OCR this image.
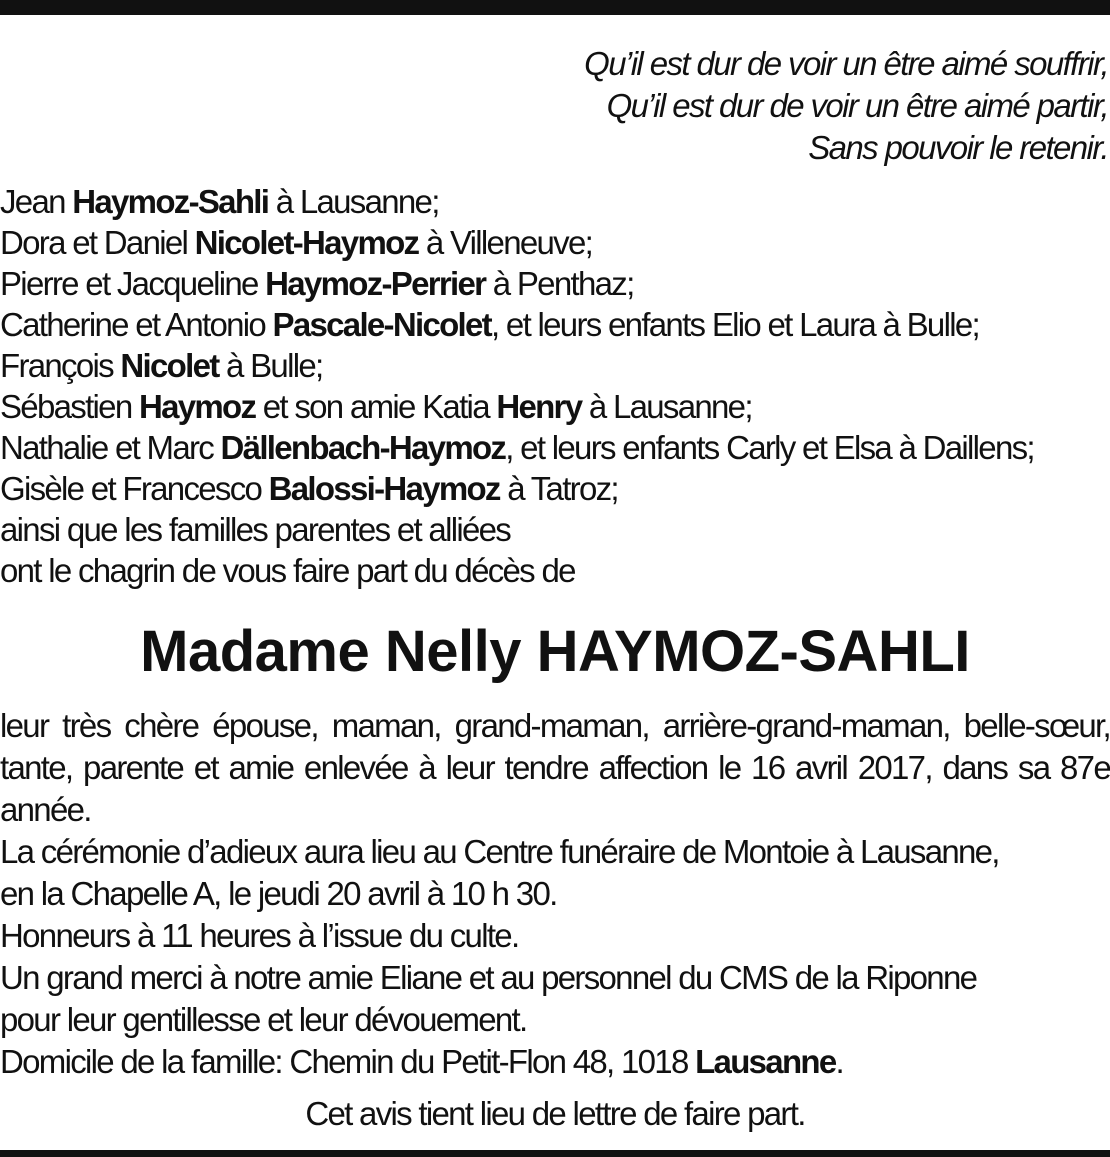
Qu’il est dur de voir un être aimé souffrir,
Qu’il est dur de voir un être aimé partir,
Sans pouvoir le retenir.
Jean Haymoz-Sahli à Lausanne;
Dora et Daniel Nicolet-Haymoz à Villeneuve;
Pierre et Jacqueline Haymoz-Perrier à Penthaz;
Catherine et Antonio Pascale-Nicolet, et leurs enfants Elio et Laura à Bulle;
François Nicolet à Bulle;
Sébastien Haymoz et son amie Katia Henry à Lausanne;
Nathalie et Marc Dällenbach-Haymoz, et leurs enfants Carly et Elsa à Daillens;
Gisèle et Francesco Balossi-Haymoz à Tatroz;
ainsi que les familles parentes et alliées
ont le chagrin de vous faire part du décès de
Madame Nelly HAYMOZ-SAHLI
leur très chère épouse, maman, grand-maman, arrière-grand-maman, belle-sœur, tante, parente et amie enlevée à leur tendre affection le 16 avril 2017, dans sa 87e année.
La cérémonie d’adieux aura lieu au Centre funéraire de Montoie à Lausanne,
en la Chapelle A, le jeudi 20 avril à 10 h 30.
Honneurs à 11 heures à l’issue du culte.
Un grand merci à notre amie Eliane et au personnel du CMS de la Riponne
pour leur gentillesse et leur dévouement.
Domicile de la famille: Chemin du Petit-Flon 48, 1018 Lausanne.
Cet avis tient lieu de lettre de faire part.
